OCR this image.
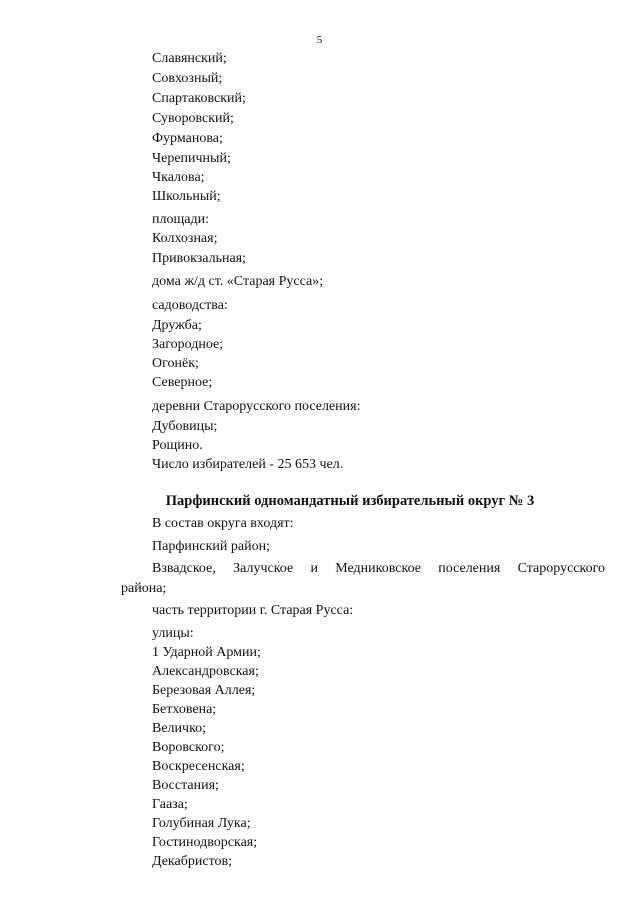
5
Славянский;
Совхозный;
Спартаковский;
Суворовский;
Фурманова;
Черепичный;
Чкалова;
Школьный;
площади:
Колхозная;
Привокзальная;
дома ж/д ст. «Старая Русса»;
садоводства:
Дружба;
Загородное;
Огонёк;
Северное;
деревни Старорусского поселения:
Дубовицы;
Рощино.
Число избирателей - 25 653 чел.
Парфинский одномандатный избирательный округ № 3
В состав округа входят:
Парфинский район;
Взвадское, Залучское и Медниковское поселения Старорусского
района;
часть территории г. Старая Русса:
улицы:
1 Ударной Армии;
Александровская;
Березовая Аллея;
Бетховена;
Величко;
Воровского;
Воскресенская;
Восстания;
Гааза;
Голубиная Лука;
Гостинодворская;
Декабристов;
